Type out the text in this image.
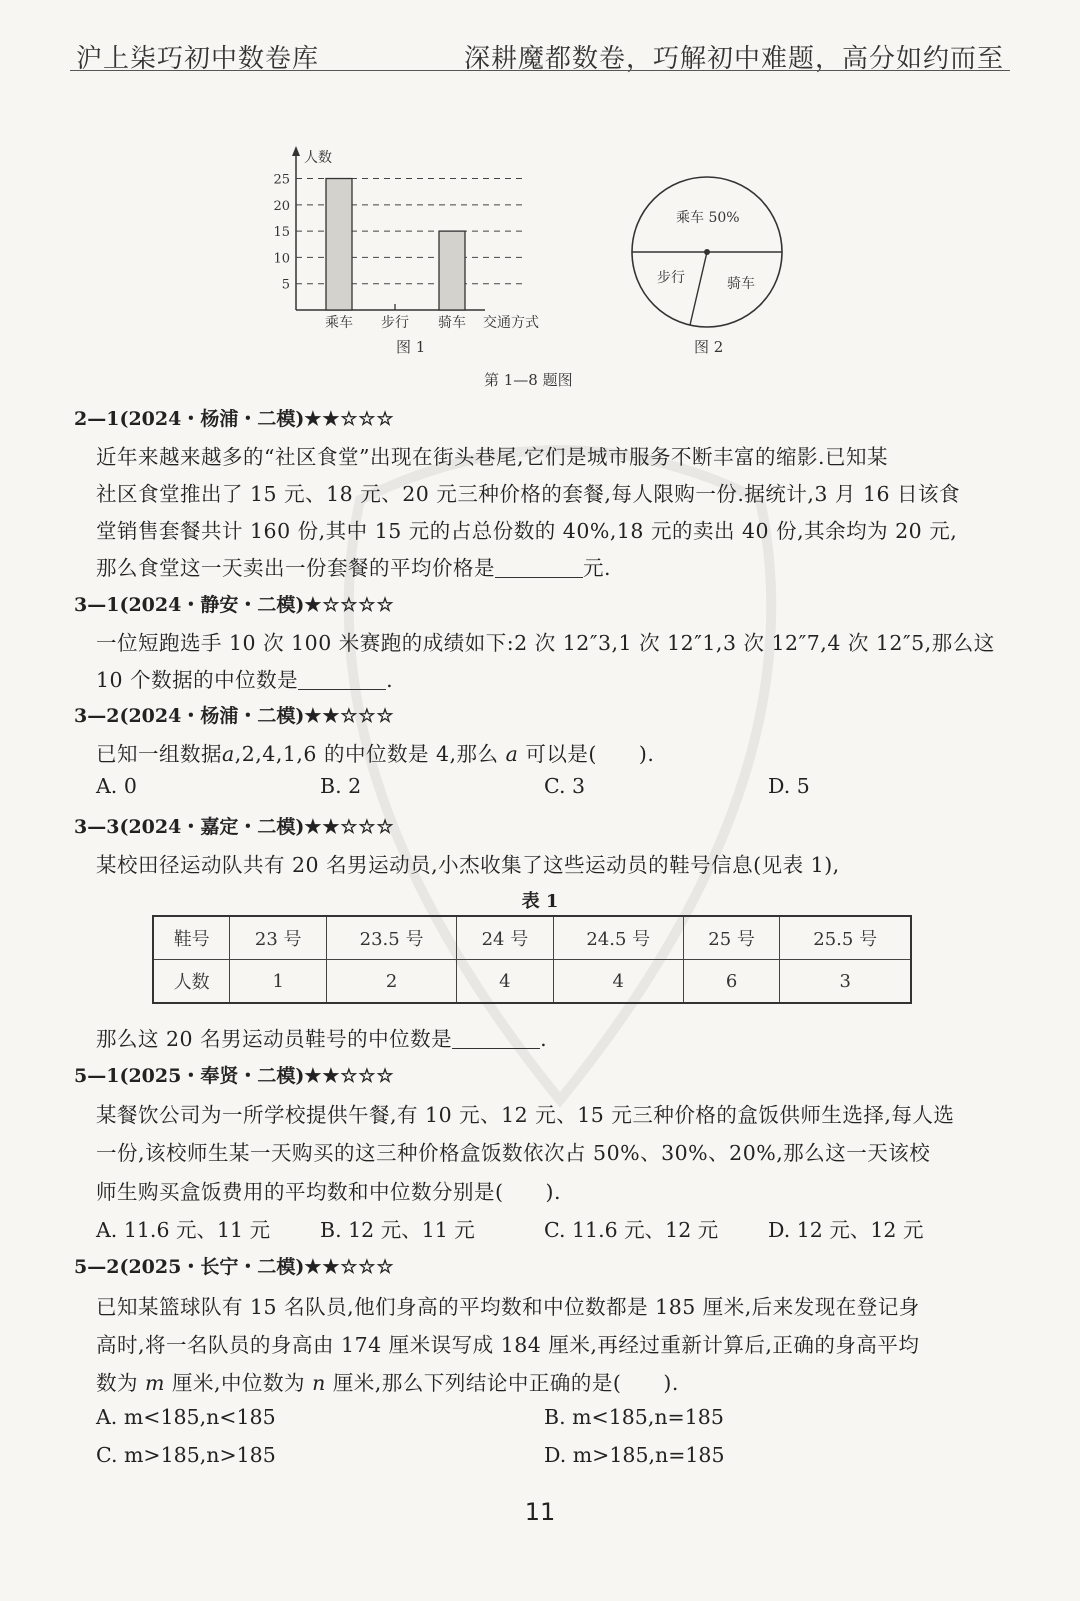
沪上柒巧初中数卷库	深耕魔都数卷，巧解初中难题，高分如约而至
人数
交通方式
5
10
15
20
25
乘车 步行 骑车
图 1
乘车 50%
步行	骑车
图 2
第 1—8 题图
2—1(2024・杨浦・二模)★★☆☆☆
近年来越来越多的“社区食堂”出现在街头巷尾,它们是城市服务不断丰富的缩影.已知某
社区食堂推出了 15 元、18 元、20 元三种价格的套餐,每人限购一份.据统计,3 月 16 日该食
堂销售套餐共计 160 份,其中 15 元的占总份数的 40%,18 元的卖出 40 份,其余均为 20 元,
那么食堂这一天卖出一份套餐的平均价格是	元.
3—1(2024・静安・二模)★☆☆☆☆
一位短跑选手 10 次 100 米赛跑的成绩如下:2 次 12″3,1 次 12″1,3 次 12″7,4 次 12″5,那么这
10 个数据的中位数是	.
3—2(2024・杨浦・二模)★★☆☆☆
已知一组数据a,2,4,1,6 的中位数是 4,那么 a 可以是(　　).
A. 0	B. 2	C. 3	D. 5
3—3(2024・嘉定・二模)★★☆☆☆
某校田径运动队共有 20 名男运动员,小杰收集了这些运动员的鞋号信息(见表 1),
表 1
鞋号	23 号	23.5 号	24 号	24.5 号	25 号	25.5 号
人数	1	2	4	4	6	3
那么这 20 名男运动员鞋号的中位数是	.
5—1(2025・奉贤・二模)★★☆☆☆
某餐饮公司为一所学校提供午餐,有 10 元、12 元、15 元三种价格的盒饭供师生选择,每人选
一份,该校师生某一天购买的这三种价格盒饭数依次占 50%、30%、20%,那么这一天该校
师生购买盒饭费用的平均数和中位数分别是(　　).
A. 11.6 元、11 元 B. 12 元、11 元	C. 11.6 元、12 元 D. 12 元、12 元
5—2(2025・长宁・二模)★★☆☆☆
已知某篮球队有 15 名队员,他们身高的平均数和中位数都是 185 厘米,后来发现在登记身
高时,将一名队员的身高由 174 厘米误写成 184 厘米,再经过重新计算后,正确的身高平均
数为 m 厘米,中位数为 n 厘米,那么下列结论中正确的是(　　).
A. m<185,n<185	B. m<185,n=185
C. m>185,n>185	D. m>185,n=185
11
